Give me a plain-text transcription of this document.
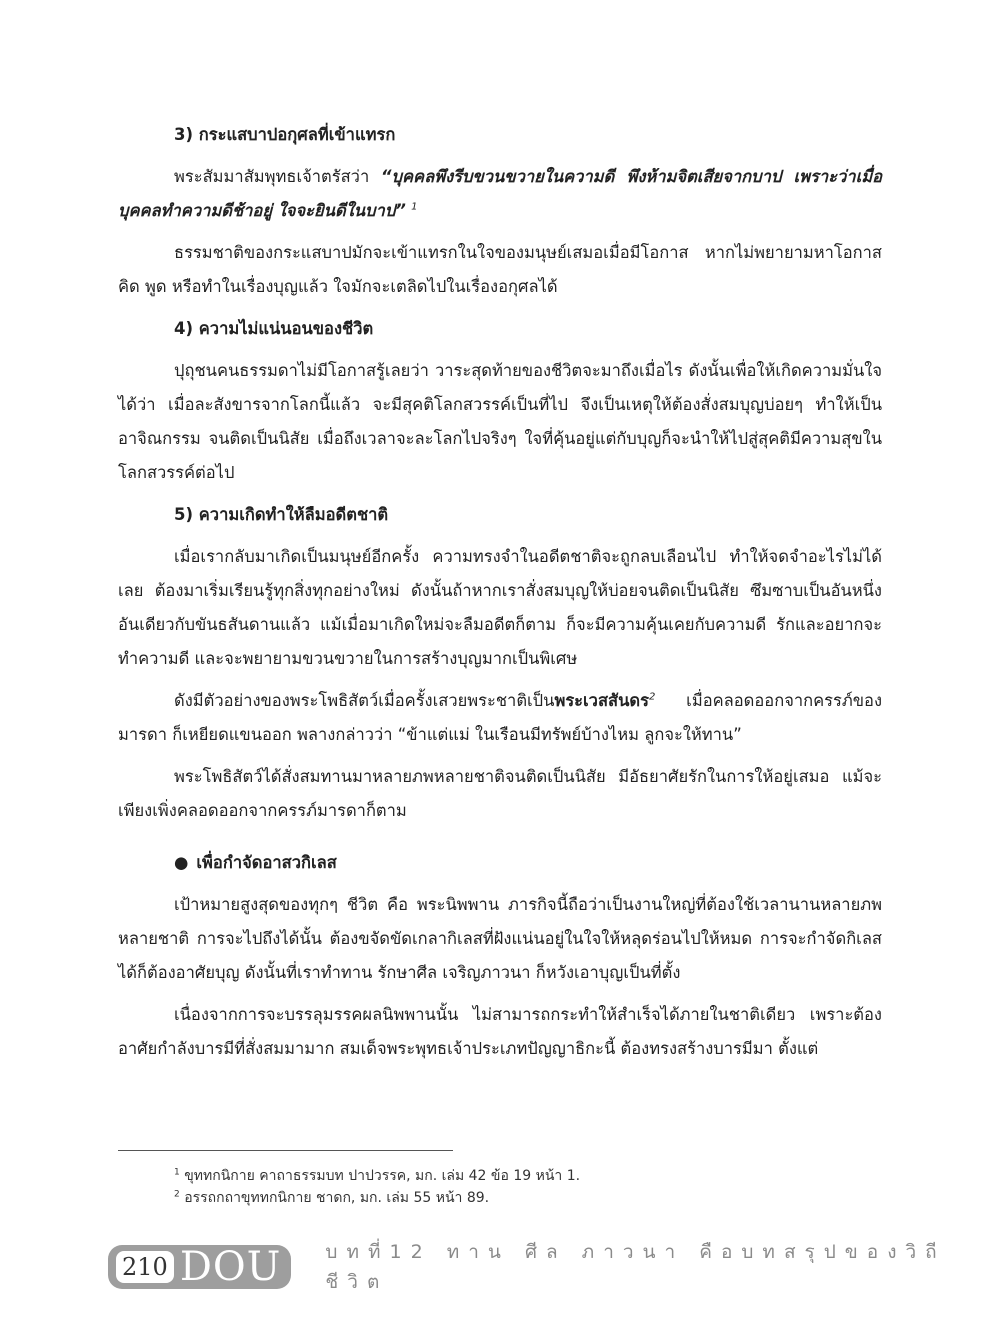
3) กระแสบาปอกุศลที่เข้าแทรก

พระสัมมาสัมพุทธเจ้าตรัสว่า “บุคคลพึงรีบขวนขวายในความดี พึงห้ามจิตเสียจากบาป เพราะว่าเมื่อบุคคลทำความดีช้าอยู่ ใจจะยินดีในบาป” $^1$

ธรรมชาติของกระแสบาปมักจะเข้าแทรกในใจของมนุษย์เสมอเมื่อมีโอกาส หากไม่พยายามหาโอกาสคิด พูด หรือทำในเรื่องบุญแล้ว ใจมักจะเตลิดไปในเรื่องอกุศลได้

4) ความไม่แน่นอนของชีวิต

ปุถุชนคนธรรมดาไม่มีโอกาสรู้เลยว่า วาระสุดท้ายของชีวิตจะมาถึงเมื่อไร ดังนั้นเพื่อให้เกิดความมั่นใจได้ว่า เมื่อละสังขารจากโลกนี้แล้ว จะมีสุคติโลกสวรรค์เป็นที่ไป จึงเป็นเหตุให้ต้องสั่งสมบุญบ่อยๆ ทำให้เป็นอาจิณกรรม จนติดเป็นนิสัย เมื่อถึงเวลาจะละโลกไปจริงๆ ใจที่คุ้นอยู่แต่กับบุญก็จะนำให้ไปสู่สุคติมีความสุขในโลกสวรรค์ต่อไป

5) ความเกิดทำให้ลืมอดีตชาติ

เมื่อเรากลับมาเกิดเป็นมนุษย์อีกครั้ง ความทรงจำในอดีตชาติจะถูกลบเลือนไป ทำให้จดจำอะไรไม่ได้เลย ต้องมาเริ่มเรียนรู้ทุกสิ่งทุกอย่างใหม่ ดังนั้นถ้าหากเราสั่งสมบุญให้บ่อยจนติดเป็นนิสัย ซึมซาบเป็นอันหนึ่งอันเดียวกับขันธสันดานแล้ว แม้เมื่อมาเกิดใหม่จะลืมอดีตก็ตาม ก็จะมีความคุ้นเคยกับความดี รักและอยากจะทำความดี และจะพยายามขวนขวายในการสร้างบุญมากเป็นพิเศษ

ดังมีตัวอย่างของพระโพธิสัตว์เมื่อครั้งเสวยพระชาติเป็นพระเวสสันดร$^2$ เมื่อคลอดออกจากครรภ์ของมารดา ก็เหยียดแขนออก พลางกล่าวว่า “ข้าแต่แม่ ในเรือนมีทรัพย์บ้างไหม ลูกจะให้ทาน”

พระโพธิสัตว์ได้สั่งสมทานมาหลายภพหลายชาติจนติดเป็นนิสัย มีอัธยาศัยรักในการให้อยู่เสมอ แม้จะเพียงเพิ่งคลอดออกจากครรภ์มารดาก็ตาม

● เพื่อกำจัดอาสวกิเลส

เป้าหมายสูงสุดของทุกๆ ชีวิต คือ พระนิพพาน ภารกิจนี้ถือว่าเป็นงานใหญ่ที่ต้องใช้เวลานานหลายภพหลายชาติ การจะไปถึงได้นั้น ต้องขจัดขัดเกลากิเลสที่ฝังแน่นอยู่ในใจให้หลุดร่อนไปให้หมด การจะกำจัดกิเลสได้ก็ต้องอาศัยบุญ ดังนั้นที่เราทำทาน รักษาศีล เจริญภาวนา ก็หวังเอาบุญเป็นที่ตั้ง

เนื่องจากการจะบรรลุมรรคผลนิพพานนั้น ไม่สามารถกระทำให้สำเร็จได้ภายในชาติเดียว เพราะต้องอาศัยกำลังบารมีที่สั่งสมมามาก สมเด็จพระพุทธเจ้าประเภทปัญญาธิกะนี้ ต้องทรงสร้างบารมีมา ตั้งแต่

$^1$ ขุททกนิกาย คาถาธรรมบท ปาปวรรค, มก. เล่ม 42 ข้อ 19 หน้า 1.
$^2$ อรรถกถาขุททกนิกาย ชาดก, มก. เล่ม 55 หน้า 89.
210 DOU บทที่12 ทาน ศีล ภาวนา คือบทสรุปของวิถีชีวิต
